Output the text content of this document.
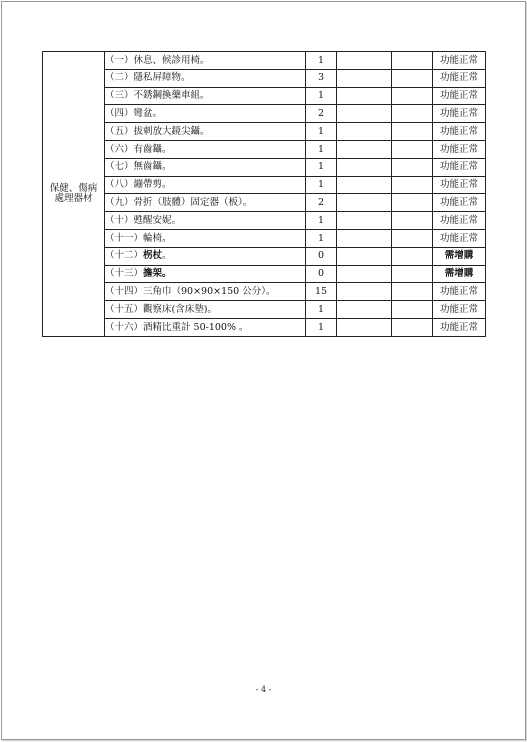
保健、傷病
處理器材	（一）休息、候診用椅。	1			功能正常
	（二）隱私屏障物。	3			功能正常
	（三）不銹鋼換藥車組。	1			功能正常
	（四）彎盆。	2			功能正常
	（五）拔刺放大鏡尖鑷。	1			功能正常
	（六）有齒鑷。	1			功能正常
	（七）無齒鑷。	1			功能正常
	（八）繃帶剪。	1			功能正常
	（九）骨折（肢體）固定器（板）。	2			功能正常
	（十）甦醒安妮。	1			功能正常
	（十一）輪椅。	1			功能正常
	（十二）柺杖。	0			需增購
	（十三）擔架。	0			需增購
	（十四）三角巾（90×90×150 公分）。	15			功能正常
	（十五）觀察床(含床墊)。	1			功能正常
	（十六）酒精比重計 50-100% 。	1			功能正常
- 4 -
